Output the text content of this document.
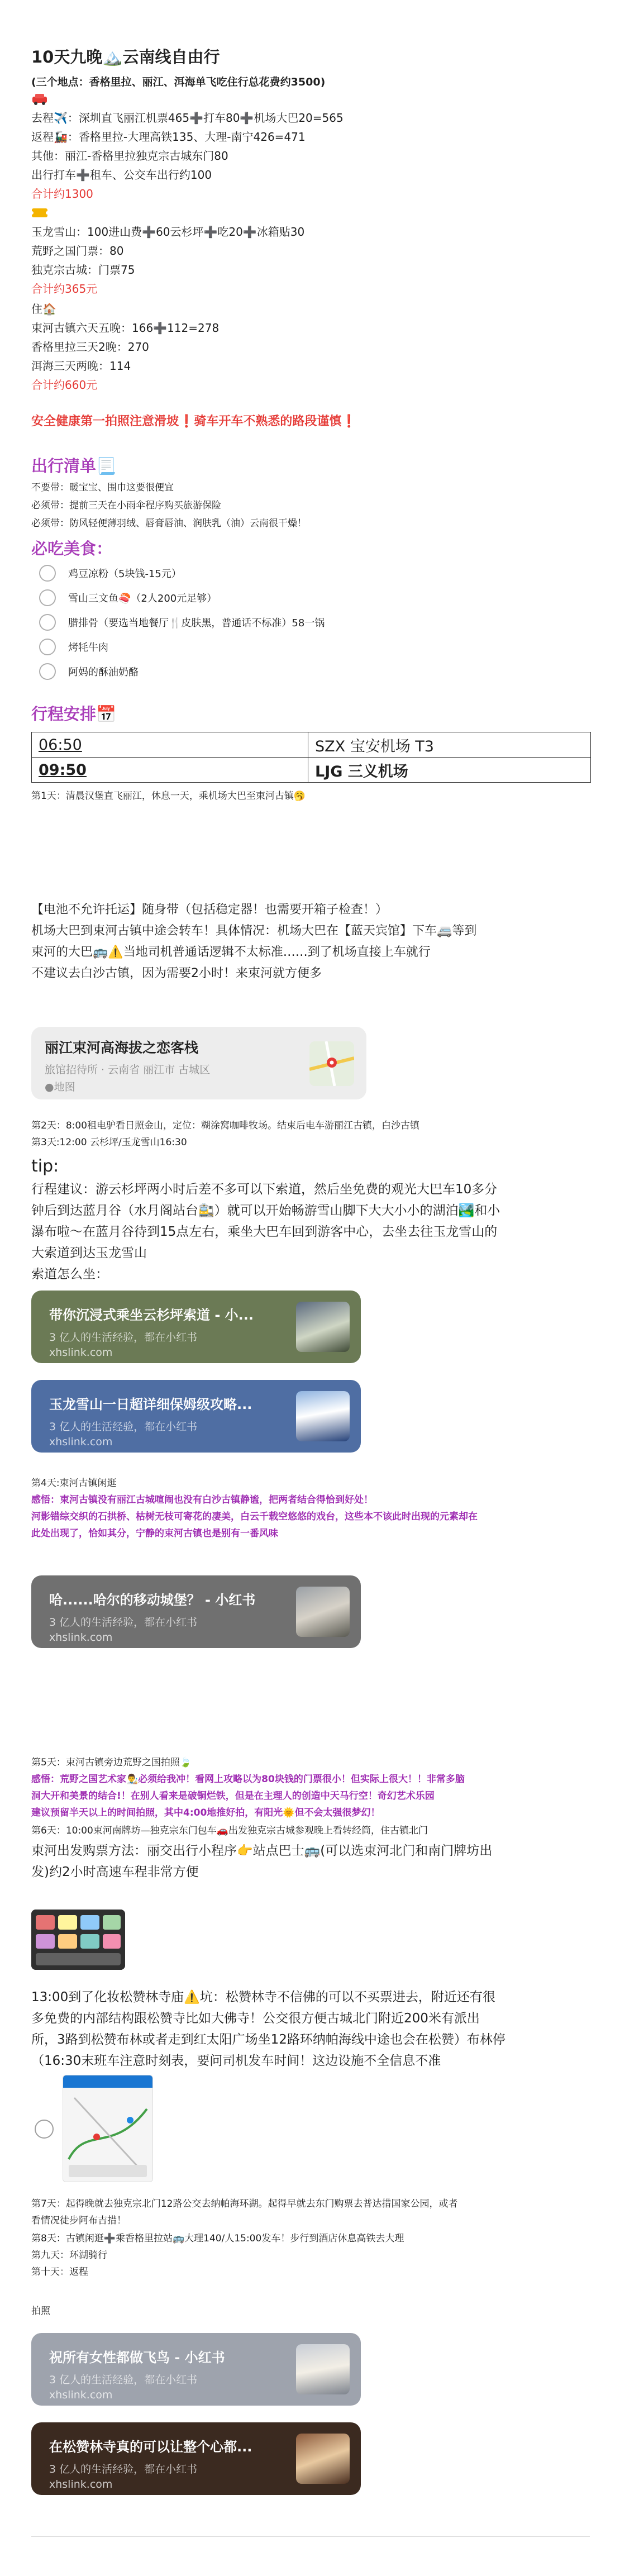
10天九晚🏔️云南线自由行
(三个地点：香格里拉、丽江、洱海单飞吃住行总花费约3500)
去程✈️：深圳直飞丽江机票465➕打车80➕机场大巴20=565
返程🚂：香格里拉-大理高铁135、大理-南宁426=471
其他：丽江-香格里拉独克宗古城东门80
出行打车➕租车、公交车出行约100
合计约1300
玉龙雪山：100进山费➕60云杉坪➕吃20➕冰箱贴30
荒野之国门票：80
独克宗古城：门票75
合计约365元
住🏠
束河古镇六天五晚：166➕112=278
香格里拉三天2晚：270
洱海三天两晚：114
合计约660元
安全健康第一拍照注意滑坡❗️骑车开车不熟悉的路段谨慎❗️
出行清单📃
不要带：暖宝宝、围巾这要很便宜
必须带：提前三天在小雨伞程序购买旅游保险
必须带：防风轻便薄羽绒、唇膏唇油、润肤乳（油）云南很干燥！
必吃美食：
鸡豆凉粉（5块钱-15元）
雪山三文鱼🍣（2人200元足够）
腊排骨（要选当地餐厅🍴皮肤黑，普通话不标准）58一锅
烤牦牛肉
阿妈的酥油奶酪
行程安排📅
06:50	SZX 宝安机场 T3
09:50	LJG 三义机场
第1天：清晨汉堡直飞丽江，休息一天，乘机场大巴至束河古镇🥱
【电池不允许托运】随身带（包括稳定器！也需要开箱子检查！）
机场大巴到束河古镇中途会转车！具体情况：机场大巴在【蓝天宾馆】下车🚐等到
束河的大巴🚌⚠️当地司机普通话逻辑不太标准……到了机场直接上车就行
不建议去白沙古镇，因为需要2小时！来束河就方便多
丽江束河高海拔之恋客栈
旅馆招待所 · 云南省 丽江市 古城区
●地图
第2天：8:00租电驴看日照金山，定位：糊涂窝咖啡牧场。结束后电车游丽江古镇，白沙古镇
第3天:12:00 云杉坪/玉龙雪山16:30
tip:
行程建议：游云杉坪两小时后差不多可以下索道，然后坐免费的观光大巴车10多分
钟后到达蓝月谷（水月阁站台🚉）就可以开始畅游雪山脚下大大小小的湖泊🏞️和小
瀑布啦～在蓝月谷待到15点左右，乘坐大巴车回到游客中心，去坐去往玉龙雪山的
大索道到达玉龙雪山
索道怎么坐：
带你沉浸式乘坐云杉坪索道 - 小...
3 亿人的生活经验，都在小红书
xhslink.com
玉龙雪山一日超详细保姆级攻略...
3 亿人的生活经验，都在小红书
xhslink.com
第4天:束河古镇闲逛
感悟：束河古镇没有丽江古城喧闹也没有白沙古镇静谧，把两者结合得恰到好处！
河影错综交织的石拱桥、枯树无枝可寄花的凄美，白云千载空悠悠的戏台，这些本不该此时出现的元素却在
此处出现了，恰如其分，宁静的束河古镇也是别有一番风味
哈......哈尔的移动城堡？ - 小红书
3 亿人的生活经验，都在小红书
xhslink.com
第5天：束河古镇旁边荒野之国拍照🍃
感悟：荒野之国艺术家👨‍🎨必须给我冲！看网上攻略以为80块钱的门票很小！但实际上很大！！非常多脑
洞大开和美景的结合!！在别人看来是破铜烂铁，但是在主理人的创造中天马行空！奇幻艺术乐园
建议预留半天以上的时间拍照，其中4:00地推好拍，有阳光🌞但不会太强很梦幻！
第6天：10:00束河南牌坊—独克宗东门包车🚗出发独克宗古城参观晚上看转经筒，住古镇北门
束河出发购票方法：丽交出行小程序👉站点巴士🚌(可以选束河北门和南门牌坊出
发)约2小时高速车程非常方便
13:00到了化妆松赞林寺庙⚠️坑：松赞林寺不信佛的可以不买票进去，附近还有很
多免费的内部结构跟松赞寺比如大佛寺！公交很方便古城北门附近200米有派出
所，3路到松赞布林或者走到红太阳广场坐12路环纳帕海线中途也会在松赞）布林停
（16:30末班车注意时刻表，要问司机发车时间！这边设施不全信息不准
第7天：起得晚就去独克宗北门12路公交去纳帕海环湖。起得早就去东门购票去普达措国家公园，或者
看情况徒步阿布吉措！
第8天：古镇闲逛➕乘香格里拉站🚌大理140/人15:00发车！步行到酒店休息高铁去大理
第九天：环湖骑行
第十天：返程
拍照
祝所有女性都做飞鸟 - 小红书
3 亿人的生活经验，都在小红书
xhslink.com
在松赞林寺真的可以让整个心都...
3 亿人的生活经验，都在小红书
xhslink.com
